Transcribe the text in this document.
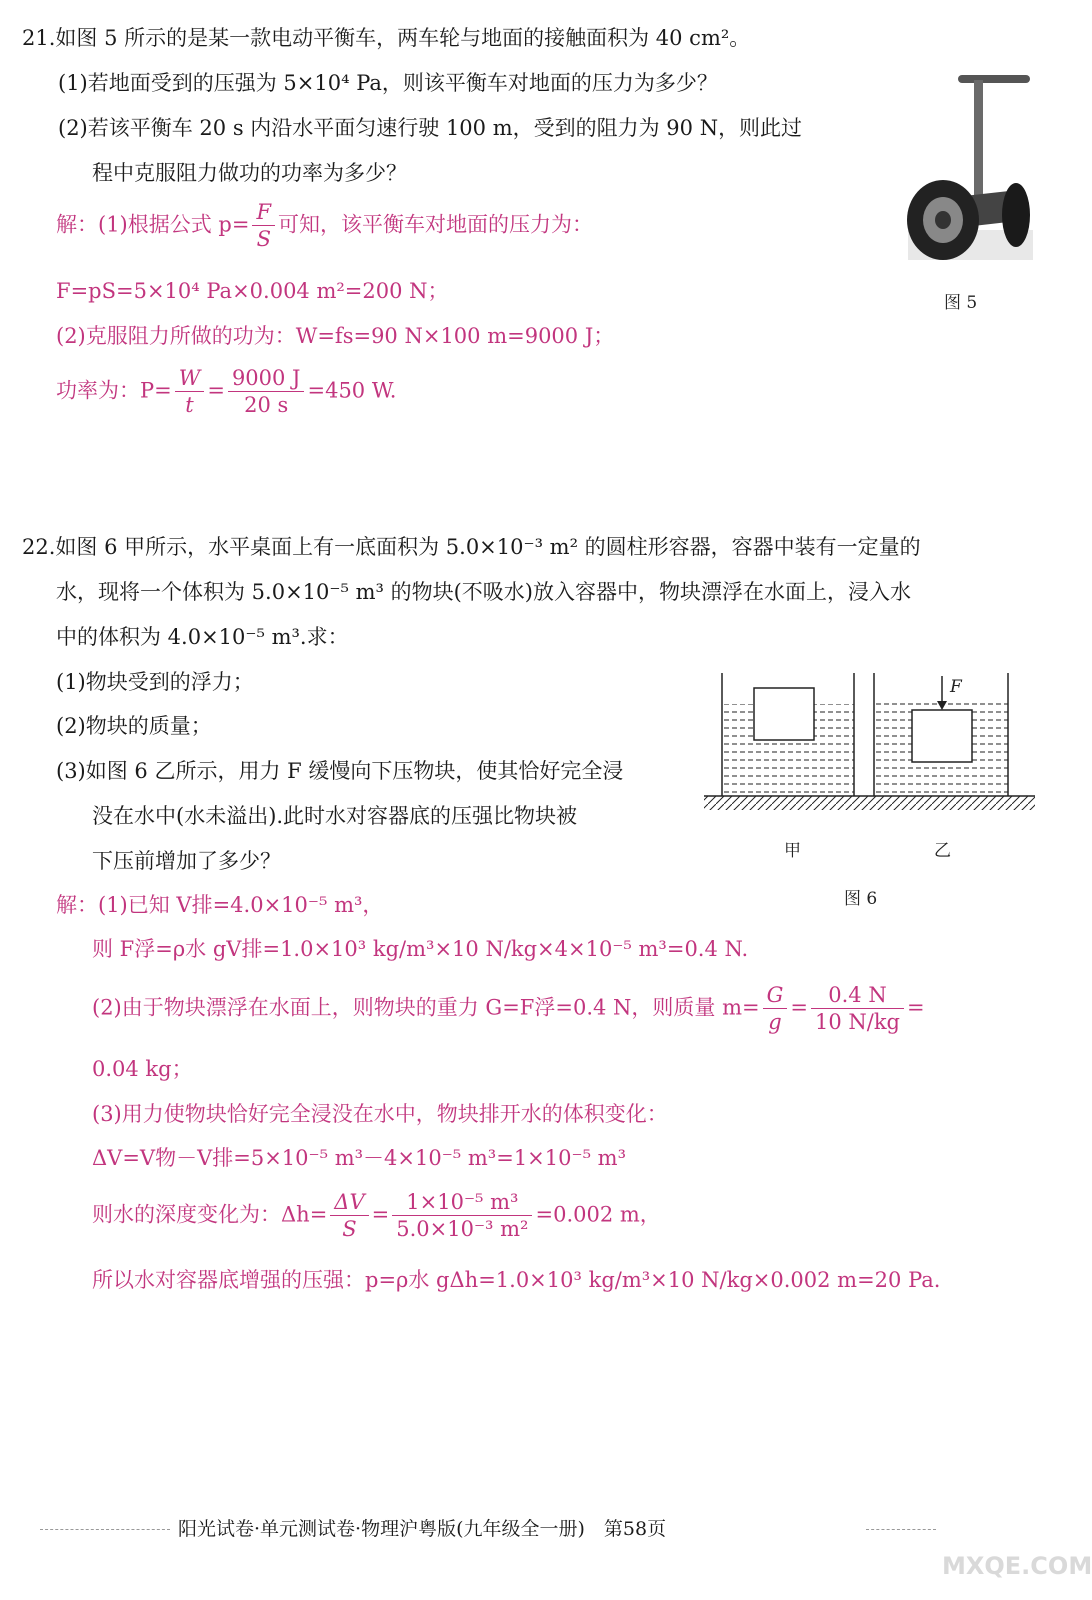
21.如图 5 所示的是某一款电动平衡车，两车轮与地面的接触面积为 40 cm²。
(1)若地面受到的压强为 5×10⁴ Pa，则该平衡车对地面的压力为多少？
(2)若该平衡车 20 s 内沿水平面匀速行驶 100 m，受到的阻力为 90 N，则此过
程中克服阻力做功的功率为多少？
图 5
解：(1)根据公式 $p= \frac{F}{S}$ 可知，该平衡车对地面的压力为：
F=pS=5×10⁴ Pa×0.004 m²=200 N；
(2)克服阻力所做的功为：W=fs=90 N×100 m=9000 J；
功率为：$P= \frac{W}{t} = \frac{9000 J}{20 s} =450$ W.
22.如图 6 甲所示，水平桌面上有一底面积为 5.0×10⁻³ m² 的圆柱形容器，容器中装有一定量的
水，现将一个体积为 5.0×10⁻⁵ m³ 的物块(不吸水)放入容器中，物块漂浮在水面上，浸入水
中的体积为 4.0×10⁻⁵ m³.求：
(1)物块受到的浮力；
(2)物块的质量；
(3)如图 6 乙所示，用力 F 缓慢向下压物块，使其恰好完全浸
没在水中(水未溢出).此时水对容器底的压强比物块被
下压前增加了多少？
F
甲	乙
图 6
解：(1)已知 V排=4.0×10⁻⁵ m³，
则 F浮=ρ水 gV排=1.0×10³ kg/m³×10 N/kg×4×10⁻⁵ m³=0.4 N.
(2)由于物块漂浮在水面上，则物块的重力 G=F浮=0.4 N，则质量 $m= \frac{G}{g} = \frac{0.4 N}{10 N/kg}$ =
0.04 kg；
(3)用力使物块恰好完全浸没在水中，物块排开水的体积变化：
ΔV=V物－V排=5×10⁻⁵ m³－4×10⁻⁵ m³=1×10⁻⁵ m³
则水的深度变化为：$\Delta h= \frac{\Delta V}{S} = \frac{\text{1×10⁻⁵ m³}}{\text{5.0×10⁻³ m²}} =0.002$ m，
所以水对容器底增强的压强：p=ρ水 gΔh=1.0×10³ kg/m³×10 N/kg×0.002 m=20 Pa.
阳光试卷·单元测试卷·物理沪粤版(九年级全一册)　第58页
MXQE.COM
